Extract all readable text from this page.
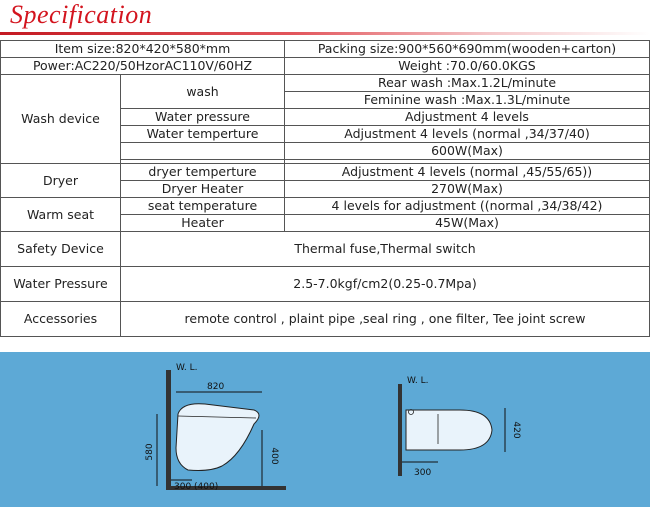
Specification
Item size:820*420*580*mm		Packing size:900*560*690mm(wooden+carton)
Power:AC220/50HzorAC110V/60HZ		Weight :70.0/60.0KGS
Wash device	wash	Rear wash :Max.1.2L/minute
		Feminine wash :Max.1.3L/minute
	Water pressure	Adjustment 4 levels
	Water temperture	Adjustment 4 levels (normal ,34/37/40)
		600W(Max)

Dryer	dryer temperture	Adjustment 4 levels (normal ,45/55/65))
	Dryer Heater	270W(Max)
Warm seat	seat temperature	4 levels for adjustment ((normal ,34/38/42)
	Heater	45W(Max)
Safety Device	Thermal fuse,Thermal switch	
Water Pressure	2.5-7.0kgf/cm2(0.25-0.7Mpa)	
Accessories	remote control , plaint pipe ,seal ring , one filter, Tee joint screw	
W. L.
820
580	400
300 (400)
W. L.
420
300
